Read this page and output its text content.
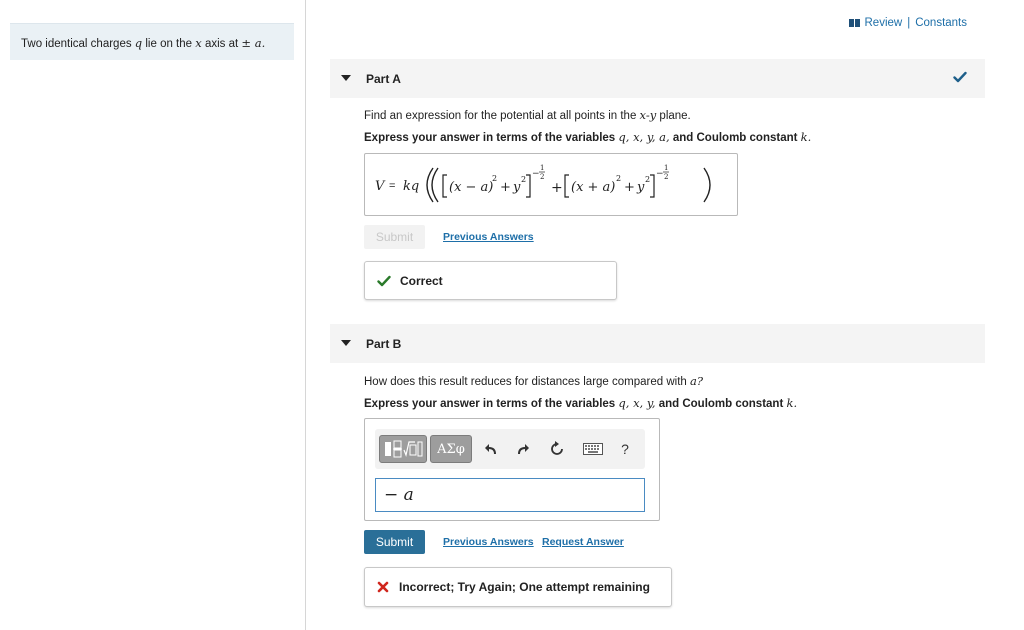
Two identical charges q lie on the x axis at ± a.
Review | Constants
Part A
Find an expression for the potential at all points in the x-y plane.
Express your answer in terms of the variables q, x, y, a, and Coulomb constant k.
V = kq (x − a)
2
+ y
2
−
1
2
+ (x + a)
2
+ y
2
−
1
2
Submit	Previous Answers
Correct
Part B
How does this result reduces for distances large compared with a?
Express your answer in terms of the variables q, x, y, and Coulomb constant k.
ΑΣφ	?
− a
Submit	Previous Answers Request Answer
Incorrect; Try Again; One attempt remaining
